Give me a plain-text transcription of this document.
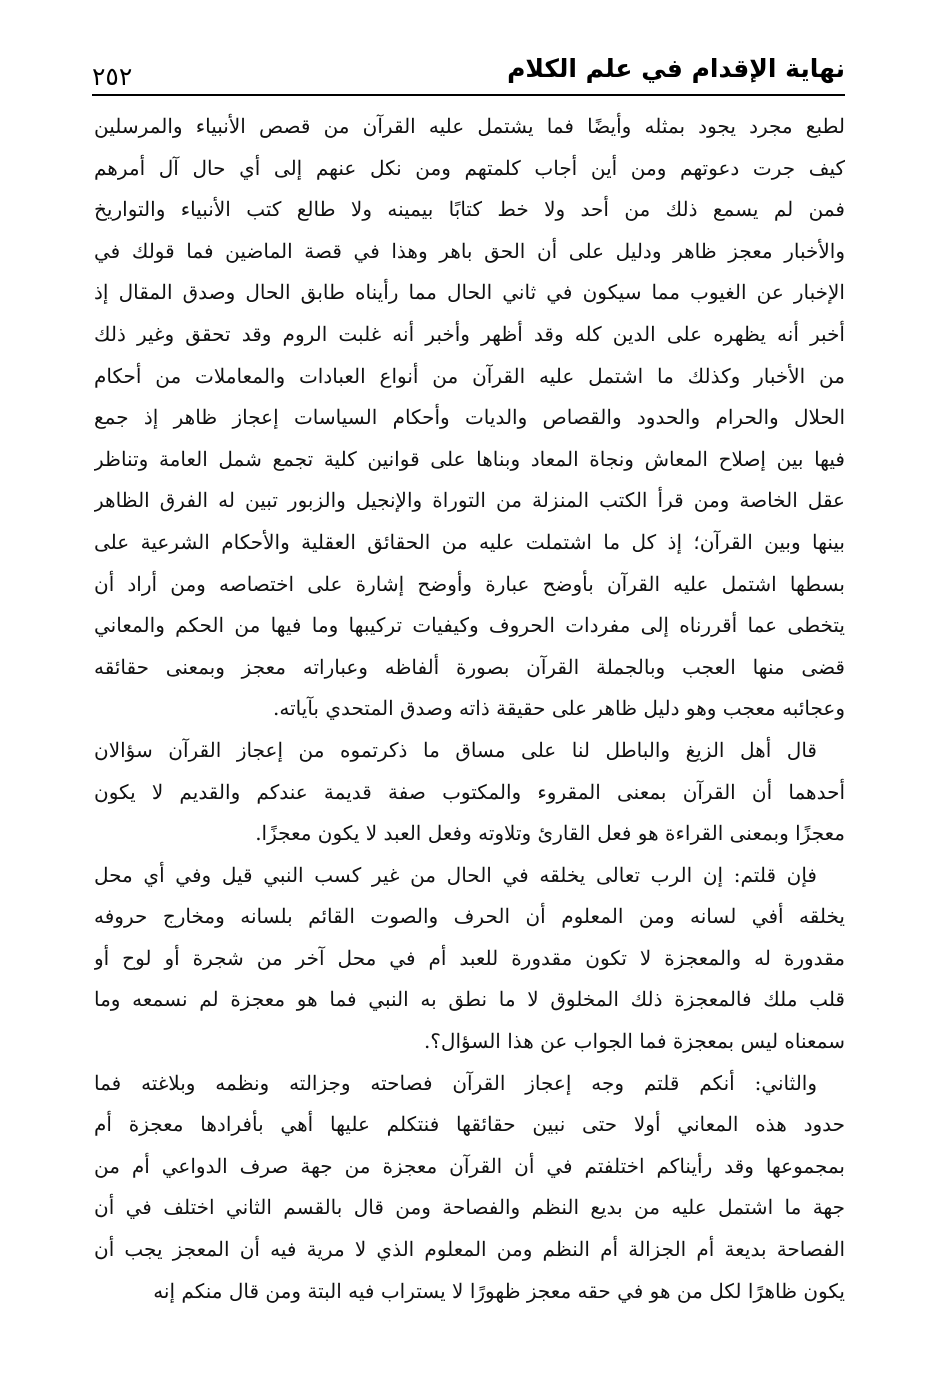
نهاية الإقدام في علم الكلام
٢٥٢
لطبع مجرد يجود بمثله وأيضًا فما يشتمل عليه القرآن من قصص الأنبياء والمرسلين
كيف جرت دعوتهم ومن أين أجاب كلمتهم ومن نكل عنهم إلى أي حال آل أمرهم
فمن لم يسمع ذلك من أحد ولا خط كتابًا بيمينه ولا طالع كتب الأنبياء والتواريخ
والأخبار معجز ظاهر ودليل على أن الحق باهر وهذا في قصة الماضين فما قولك في
الإخبار عن الغيوب مما سيكون في ثاني الحال مما رأيناه طابق الحال وصدق المقال إذ
أخبر أنه يظهره على الدين كله وقد أظهر وأخبر أنه غلبت الروم وقد تحقق وغير ذلك
من الأخبار وكذلك ما اشتمل عليه القرآن من أنواع العبادات والمعاملات من أحكام
الحلال والحرام والحدود والقصاص والديات وأحكام السياسات إعجاز ظاهر إذ جمع
فيها بين إصلاح المعاش ونجاة المعاد وبناها على قوانين كلية تجمع شمل العامة وتناظر
عقل الخاصة ومن قرأ الكتب المنزلة من التوراة والإنجيل والزبور تبين له الفرق الظاهر
بينها وبين القرآن؛ إذ كل ما اشتملت عليه من الحقائق العقلية والأحكام الشرعية على
بسطها اشتمل عليه القرآن بأوضح عبارة وأوضح إشارة على اختصاصه ومن أراد أن
يتخطى عما أقررناه إلى مفردات الحروف وكيفيات تركيبها وما فيها من الحكم والمعاني
قضى منها العجب وبالجملة القرآن بصورة ألفاظه وعباراته معجز وبمعنى حقائقه
وعجائبه معجب وهو دليل ظاهر على حقيقة ذاته وصدق المتحدي بآياته.
قال أهل الزيغ والباطل لنا على مساق ما ذكرتموه من إعجاز القرآن سؤالان
أحدهما أن القرآن بمعنى المقروء والمكتوب صفة قديمة عندكم والقديم لا يكون
معجزًا وبمعنى القراءة هو فعل القارئ وتلاوته وفعل العبد لا يكون معجزًا.
فإن قلتم: إن الرب تعالى يخلقه في الحال من غير كسب النبي قيل وفي أي محل
يخلقه أفي لسانه ومن المعلوم أن الحرف والصوت القائم بلسانه ومخارج حروفه
مقدورة له والمعجزة لا تكون مقدورة للعبد أم في محل آخر من شجرة أو لوح أو
قلب ملك فالمعجزة ذلك المخلوق لا ما نطق به النبي فما هو معجزة لم نسمعه وما
سمعناه ليس بمعجزة فما الجواب عن هذا السؤال؟.
والثاني: أنكم قلتم وجه إعجاز القرآن فصاحته وجزالته ونظمه وبلاغته فما
حدود هذه المعاني أولا حتى نبين حقائقها فنتكلم عليها أهي بأفرادها معجزة أم
بمجموعها وقد رأيناكم اختلفتم في أن القرآن معجزة من جهة صرف الدواعي أم من
جهة ما اشتمل عليه من بديع النظم والفصاحة ومن قال بالقسم الثاني اختلف في أن
الفصاحة بديعة أم الجزالة أم النظم ومن المعلوم الذي لا مرية فيه أن المعجز يجب أن
يكون ظاهرًا لكل من هو في حقه معجز ظهورًا لا يستراب فيه البتة ومن قال منكم إنه
